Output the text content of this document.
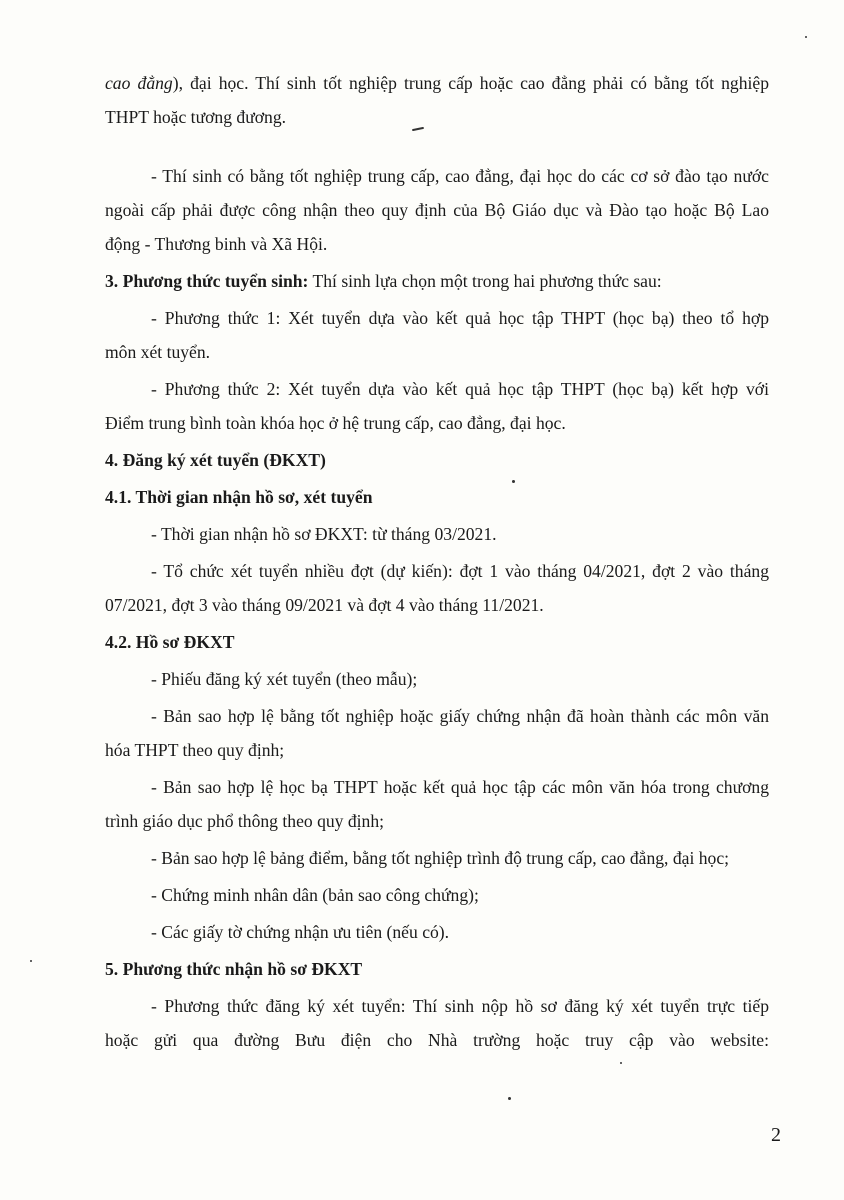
cao đẳng), đại học. Thí sinh tốt nghiệp trung cấp hoặc cao đẳng phải có bằng tốt nghiệp
THPT hoặc tương đương.
- Thí sinh có bằng tốt nghiệp trung cấp, cao đẳng, đại học do các cơ sở đào tạo nước
ngoài cấp phải được công nhận theo quy định của Bộ Giáo dục và Đào tạo hoặc Bộ Lao
động - Thương binh và Xã Hội.
3. Phương thức tuyển sinh: Thí sinh lựa chọn một trong hai phương thức sau:
- Phương thức 1: Xét tuyển dựa vào kết quả học tập THPT (học bạ) theo tổ hợp
môn xét tuyển.
- Phương thức 2: Xét tuyển dựa vào kết quả học tập THPT (học bạ) kết hợp với
Điểm trung bình toàn khóa học ở hệ trung cấp, cao đẳng, đại học.
4. Đăng ký xét tuyển (ĐKXT)
4.1. Thời gian nhận hồ sơ, xét tuyển
- Thời gian nhận hồ sơ ĐKXT: từ tháng 03/2021.
- Tổ chức xét tuyển nhiều đợt (dự kiến): đợt 1 vào tháng 04/2021, đợt 2 vào tháng
07/2021, đợt 3 vào tháng 09/2021 và đợt 4 vào tháng 11/2021.
4.2. Hồ sơ ĐKXT
- Phiếu đăng ký xét tuyển (theo mẫu);
- Bản sao hợp lệ bằng tốt nghiệp hoặc giấy chứng nhận đã hoàn thành các môn văn
hóa THPT theo quy định;
- Bản sao hợp lệ học bạ THPT hoặc kết quả học tập các môn văn hóa trong chương
trình giáo dục phổ thông theo quy định;
- Bản sao hợp lệ bảng điểm, bằng tốt nghiệp trình độ trung cấp, cao đẳng, đại học;
- Chứng minh nhân dân (bản sao công chứng);
- Các giấy tờ chứng nhận ưu tiên (nếu có).
5. Phương thức nhận hồ sơ ĐKXT
- Phương thức đăng ký xét tuyển: Thí sinh nộp hồ sơ đăng ký xét tuyển trực tiếp
hoặc gửi qua đường Bưu điện cho Nhà trường hoặc truy cập vào website:
2
